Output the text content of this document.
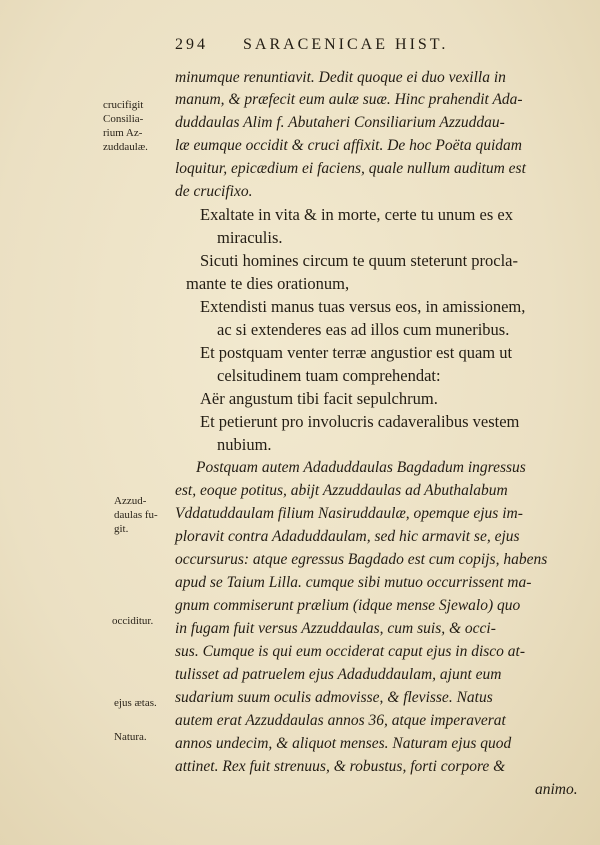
294 SARACENICAE HIST.
crucifigit
Consilia-
rium Az-
zuddaulæ.
Azzud-
daulas fu-
git.
occiditur.
ejus ætas.
Natura.
minumque renuntiavit. Dedit quoque ei duo vexilla in
manum, & præfecit eum aulæ suæ. Hinc prahendit Ada-
duddaulas Alim f. Abutaheri Consiliarium Azzuddau-
læ eumque occidit & cruci affixit. De hoc Poëta quidam
loquitur, epicædium ei faciens, quale nullum auditum est
de crucifixo.
Exaltate in vita & in morte, certe tu unum es ex
miraculis.
Sicuti homines circum te quum steterunt procla-
mante te dies orationum,
Extendisti manus tuas versus eos, in amissionem,
ac si extenderes eas ad illos cum muneribus.
Et postquam venter terræ angustior est quam ut
celsitudinem tuam comprehendat:
Aër angustum tibi facit sepulchrum.
Et petierunt pro involucris cadaveralibus vestem
nubium.
Postquam autem Adaduddaulas Bagdadum ingressus
est, eoque potitus, abijt Azzuddaulas ad Abuthalabum
Vddatuddaulam filium Nasiruddaulæ, opemque ejus im-
ploravit contra Adaduddaulam, sed hic armavit se, ejus
occursurus: atque egressus Bagdado est cum copijs, habens
apud se Taium Lilla. cumque sibi mutuo occurrissent ma-
gnum commiserunt prælium (idque mense Sjewalo) quo
in fugam fuit versus Azzuddaulas, cum suis, & occi-
sus. Cumque is qui eum occiderat caput ejus in disco at-
tulisset ad patruelem ejus Adaduddaulam, ajunt eum
sudarium suum oculis admovisse, & flevisse. Natus
autem erat Azzuddaulas annos 36, atque imperaverat
annos undecim, & aliquot menses. Naturam ejus quod
attinet. Rex fuit strenuus, & robustus, forti corpore &
animo.
